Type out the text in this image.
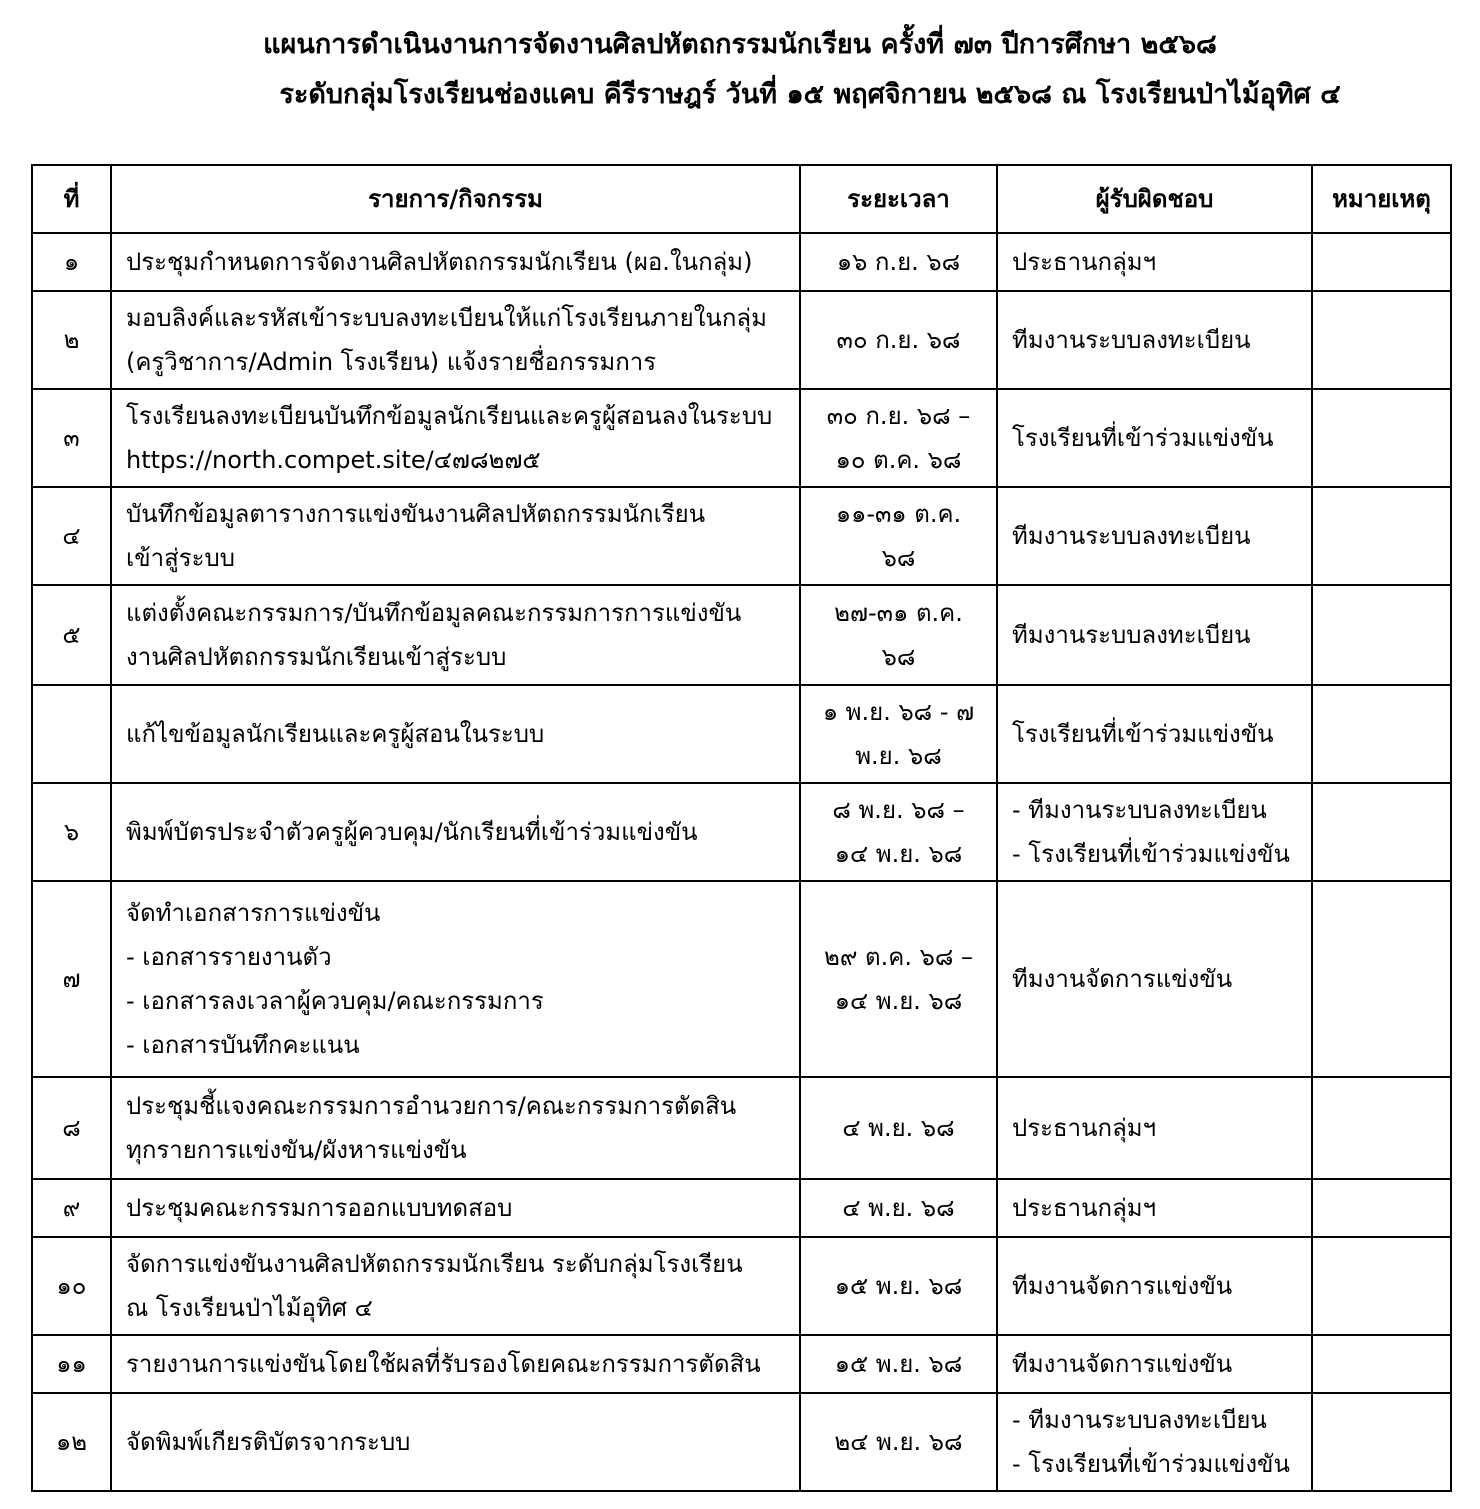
แผนการดำเนินงานการจัดงานศิลปหัตถกรรมนักเรียน ครั้งที่ ๗๓ ปีการศึกษา ๒๕๖๘
ระดับกลุ่มโรงเรียนช่องแคบ คีรีราษฎร์ วันที่ ๑๕ พฤศจิกายน ๒๕๖๘ ณ โรงเรียนป่าไม้อุทิศ ๔
ที่	รายการ/กิจกรรม	ระยะเวลา	ผู้รับผิดชอบ	หมายเหตุ
๑	ประชุมกำหนดการจัดงานศิลปหัตถกรรมนักเรียน (ผอ.ในกลุ่ม)	๑๖ ก.ย. ๖๘	ประธานกลุ่มฯ	

๒	มอบลิงค์และรหัสเข้าระบบลงทะเบียนให้แก่โรงเรียนภายในกลุ่ม
(ครูวิชาการ/Admin โรงเรียน) แจ้งรายชื่อกรรมการ	๓๐ ก.ย. ๖๘	ทีมงานระบบลงทะเบียน	

๓	โรงเรียนลงทะเบียนบันทึกข้อมูลนักเรียนและครูผู้สอนลงในระบบ
https://north.compet.site/๔๗๘๒๗๕	๓๐ ก.ย. ๖๘ –
๑๐ ต.ค. ๖๘	โรงเรียนที่เข้าร่วมแข่งขัน	

๔	บันทึกข้อมูลตารางการแข่งขันงานศิลปหัตถกรรมนักเรียน
เข้าสู่ระบบ	๑๑-๓๑ ต.ค.
๖๘	ทีมงานระบบลงทะเบียน	

๕	แต่งตั้งคณะกรรมการ/บันทึกข้อมูลคณะกรรมการการแข่งขัน
งานศิลปหัตถกรรมนักเรียนเข้าสู่ระบบ	๒๗-๓๑ ต.ค.
๖๘	ทีมงานระบบลงทะเบียน	

	แก้ไขข้อมูลนักเรียนและครูผู้สอนในระบบ	๑ พ.ย. ๖๘ - ๗
พ.ย. ๖๘	โรงเรียนที่เข้าร่วมแข่งขัน	

๖	พิมพ์บัตรประจำตัวครูผู้ควบคุม/นักเรียนที่เข้าร่วมแข่งขัน	๘ พ.ย. ๖๘ –
๑๔ พ.ย. ๖๘	- ทีมงานระบบลงทะเบียน
- โรงเรียนที่เข้าร่วมแข่งขัน	

๗	จัดทำเอกสารการแข่งขัน
- เอกสารรายงานตัว
- เอกสารลงเวลาผู้ควบคุม/คณะกรรมการ
- เอกสารบันทึกคะแนน	๒๙ ต.ค. ๖๘ –
๑๔ พ.ย. ๖๘	ทีมงานจัดการแข่งขัน	

๘	ประชุมชี้แจงคณะกรรมการอำนวยการ/คณะกรรมการตัดสิน
ทุกรายการแข่งขัน/ผังหารแข่งขัน	๔ พ.ย. ๖๘	ประธานกลุ่มฯ	

๙	ประชุมคณะกรรมการออกแบบทดสอบ	๔ พ.ย. ๖๘	ประธานกลุ่มฯ	

๑๐	จัดการแข่งขันงานศิลปหัตถกรรมนักเรียน ระดับกลุ่มโรงเรียน
ณ โรงเรียนป่าไม้อุทิศ ๔	๑๕ พ.ย. ๖๘	ทีมงานจัดการแข่งขัน	

๑๑	รายงานการแข่งขันโดยใช้ผลที่รับรองโดยคณะกรรมการตัดสิน	๑๕ พ.ย. ๖๘	ทีมงานจัดการแข่งขัน	

๑๒	จัดพิมพ์เกียรติบัตรจากระบบ	๒๔ พ.ย. ๖๘	- ทีมงานระบบลงทะเบียน
- โรงเรียนที่เข้าร่วมแข่งขัน	
